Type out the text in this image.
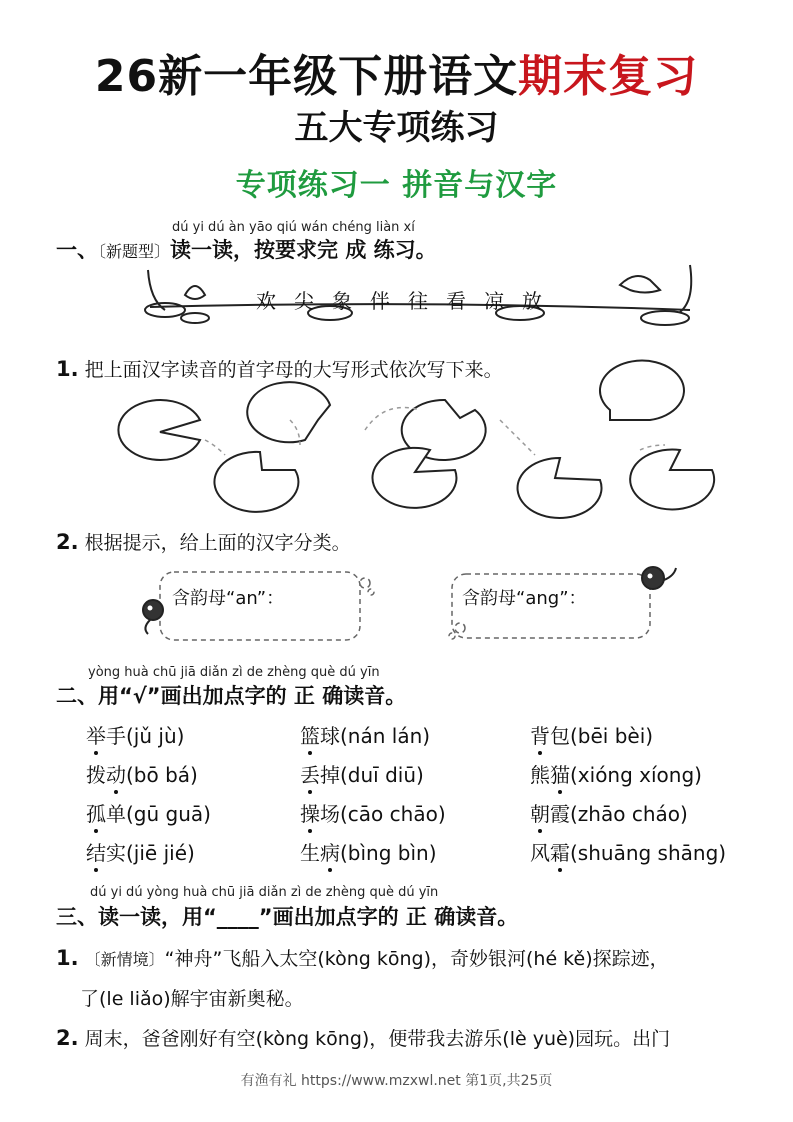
26新一年级下册语文期末复习
五大专项练习
专项练习一 拼音与汉字
dú yi dú àn yāo qiú wán chéng liàn xí
一、〔新题型〕读一读，按要求完 成 练习。
欢尖象伴往看凉放
1. 把上面汉字读音的首字母的大写形式依次写下来。
2. 根据提示，给上面的汉字分类。
含韵母“an”：	含韵母“ang”：
yòng huà chū jiā diǎn zì de zhèng què dú yīn
二、用“√”画出加点字的 正 确读音。
举手(jǔ jù)	篮球(nán lán)	背包(bēi bèi)
拨动(bō bá)	丢掉(duī diū)	熊猫(xióng xíong)
孤单(gū guā)	操场(cāo chāo)	朝霞(zhāo cháo)
结实(jiē jié)	生病(bìng bìn)	风霜(shuāng shāng)
dú yi dú yòng huà chū jiā diǎn zì de zhèng què dú yīn
三、读一读，用“____”画出加点字的 正 确读音。
1. 〔新情境〕“神舟”飞船入太空(kòng kōng)，奇妙银河(hé kě)探踪迹，
了(le liǎo)解宇宙新奥秘。
2. 周末，爸爸刚好有空(kòng kōng)，便带我去游乐(lè yuè)园玩。出门
有渔有礼 https://www.mzxwl.net 第1页,共25页
